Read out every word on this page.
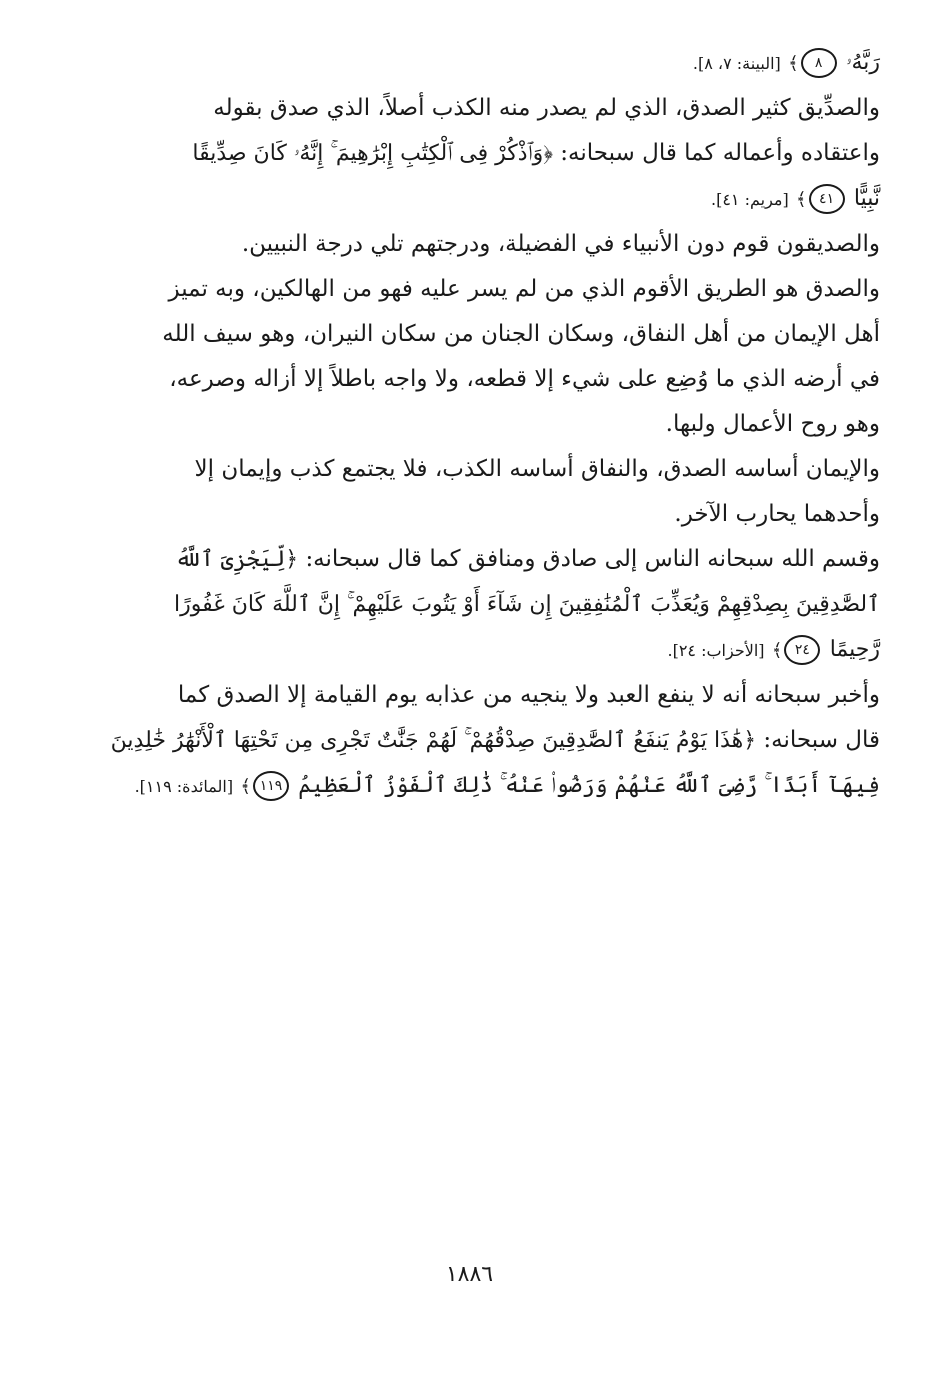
رَبَّهُۥ ٨﴾ [البينة: ٧، ٨].

والصدِّيق كثير الصدق، الذي لم يصدر منه الكذب أصلاً، الذي صدق بقوله

واعتقاده وأعماله كما قال سبحانه: ﴿وَٱذْكُرْ فِى ٱلْكِتَٰبِ إِبْرَٰهِيمَ ۚ إِنَّهُۥ كَانَ صِدِّيقًا

نَّبِيًّا ٤١﴾ [مريم: ٤١].

والصديقون قوم دون الأنبياء في الفضيلة، ودرجتهم تلي درجة النبيين.

والصدق هو الطريق الأقوم الذي من لم يسر عليه فهو من الهالكين، وبه تميز

أهل الإيمان من أهل النفاق، وسكان الجنان من سكان النيران، وهو سيف الله

في أرضه الذي ما وُضِع على شيء إلا قطعه، ولا واجه باطلاً إلا أزاله وصرعه،

وهو روح الأعمال ولبها.

والإيمان أساسه الصدق، والنفاق أساسه الكذب، فلا يجتمع كذب وإيمان إلا

وأحدهما يحارب الآخر.

وقسم الله سبحانه الناس إلى صادق ومنافق كما قال سبحانه: ﴿لِّيَجْزِىَ ٱللَّهُ

ٱلصَّٰدِقِينَ بِصِدْقِهِمْ وَيُعَذِّبَ ٱلْمُنَٰفِقِينَ إِن شَآءَ أَوْ يَتُوبَ عَلَيْهِمْ ۚ إِنَّ ٱللَّهَ كَانَ غَفُورًا

رَّحِيمًا ٢٤﴾ [الأحزاب: ٢٤].

وأخبر سبحانه أنه لا ينفع العبد ولا ينجيه من عذابه يوم القيامة إلا الصدق كما

قال سبحانه: ﴿هَٰذَا يَوْمُ يَنفَعُ ٱلصَّٰدِقِينَ صِدْقُهُمْ ۚ لَهُمْ جَنَّٰتٌ تَجْرِى مِن تَحْتِهَا ٱلْأَنْهَٰرُ خَٰلِدِينَ

فِيهَآ أَبَدًا ۚ رَّضِىَ ٱللَّهُ عَنْهُمْ وَرَضُوا۟ عَنْهُ ۚ ذَٰلِكَ ٱلْفَوْزُ ٱلْعَظِيمُ ١١٩﴾ [المائدة: ١١٩].

١٨٨٦
